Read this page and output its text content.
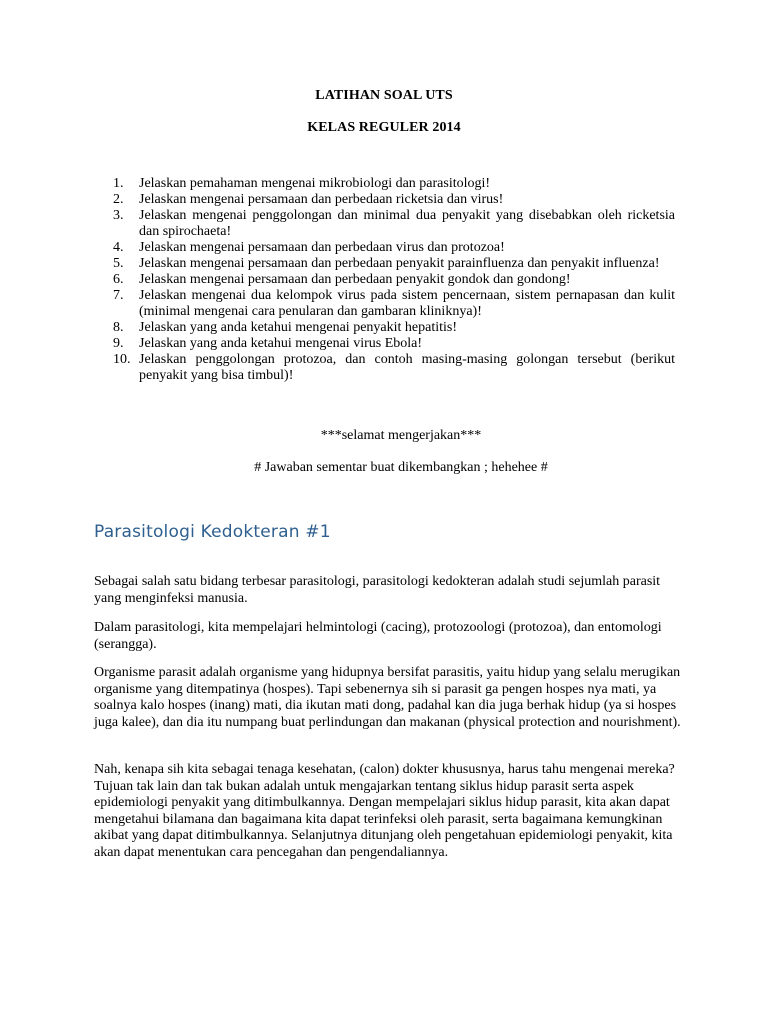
LATIHAN SOAL UTS
KELAS REGULER 2014
1.	Jelaskan pemahaman mengenai mikrobiologi dan parasitologi!
2.	Jelaskan mengenai persamaan dan perbedaan ricketsia dan virus!
3.	Jelaskan mengenai penggolongan dan minimal dua penyakit yang disebabkan oleh ricketsia dan spirochaeta!
4.	Jelaskan mengenai persamaan dan perbedaan virus dan protozoa!
5.	Jelaskan mengenai persamaan dan perbedaan penyakit parainfluenza dan penyakit influenza!
6.	Jelaskan mengenai persamaan dan perbedaan penyakit gondok dan gondong!
7.	Jelaskan mengenai dua kelompok virus pada sistem pencernaan, sistem pernapasan dan kulit (minimal mengenai cara penularan dan gambaran kliniknya)!
8.	Jelaskan yang anda ketahui mengenai penyakit hepatitis!
9.	Jelaskan yang anda ketahui mengenai virus Ebola!
10. Jelaskan penggolongan protozoa, dan contoh masing-masing golongan tersebut (berikut penyakit yang bisa timbul)!
***selamat mengerjakan***
# Jawaban sementar buat dikembangkan ; hehehee #
Parasitologi Kedokteran #1

Sebagai salah satu bidang terbesar parasitologi, parasitologi kedokteran adalah studi sejumlah parasit yang menginfeksi manusia.

Dalam parasitologi, kita mempelajari helmintologi (cacing), protozoologi (protozoa), dan entomologi (serangga).

Organisme parasit adalah organisme yang hidupnya bersifat parasitis, yaitu hidup yang selalu merugikan organisme yang ditempatinya (hospes). Tapi sebenernya sih si parasit ga pengen hospes nya mati, ya soalnya kalo hospes (inang) mati, dia ikutan mati dong, padahal kan dia juga berhak hidup (ya si hospes juga kalee), dan dia itu numpang buat perlindungan dan makanan (physical protection and nourishment).

Nah, kenapa sih kita sebagai tenaga kesehatan, (calon) dokter khususnya, harus tahu mengenai mereka? Tujuan tak lain dan tak bukan adalah untuk mengajarkan tentang siklus hidup parasit serta aspek epidemiologi penyakit yang ditimbulkannya. Dengan mempelajari siklus hidup parasit, kita akan dapat mengetahui bilamana dan bagaimana kita dapat terinfeksi oleh parasit, serta bagaimana kemungkinan akibat yang dapat ditimbulkannya. Selanjutnya ditunjang oleh pengetahuan epidemiologi penyakit, kita akan dapat menentukan cara pencegahan dan pengendaliannya.
